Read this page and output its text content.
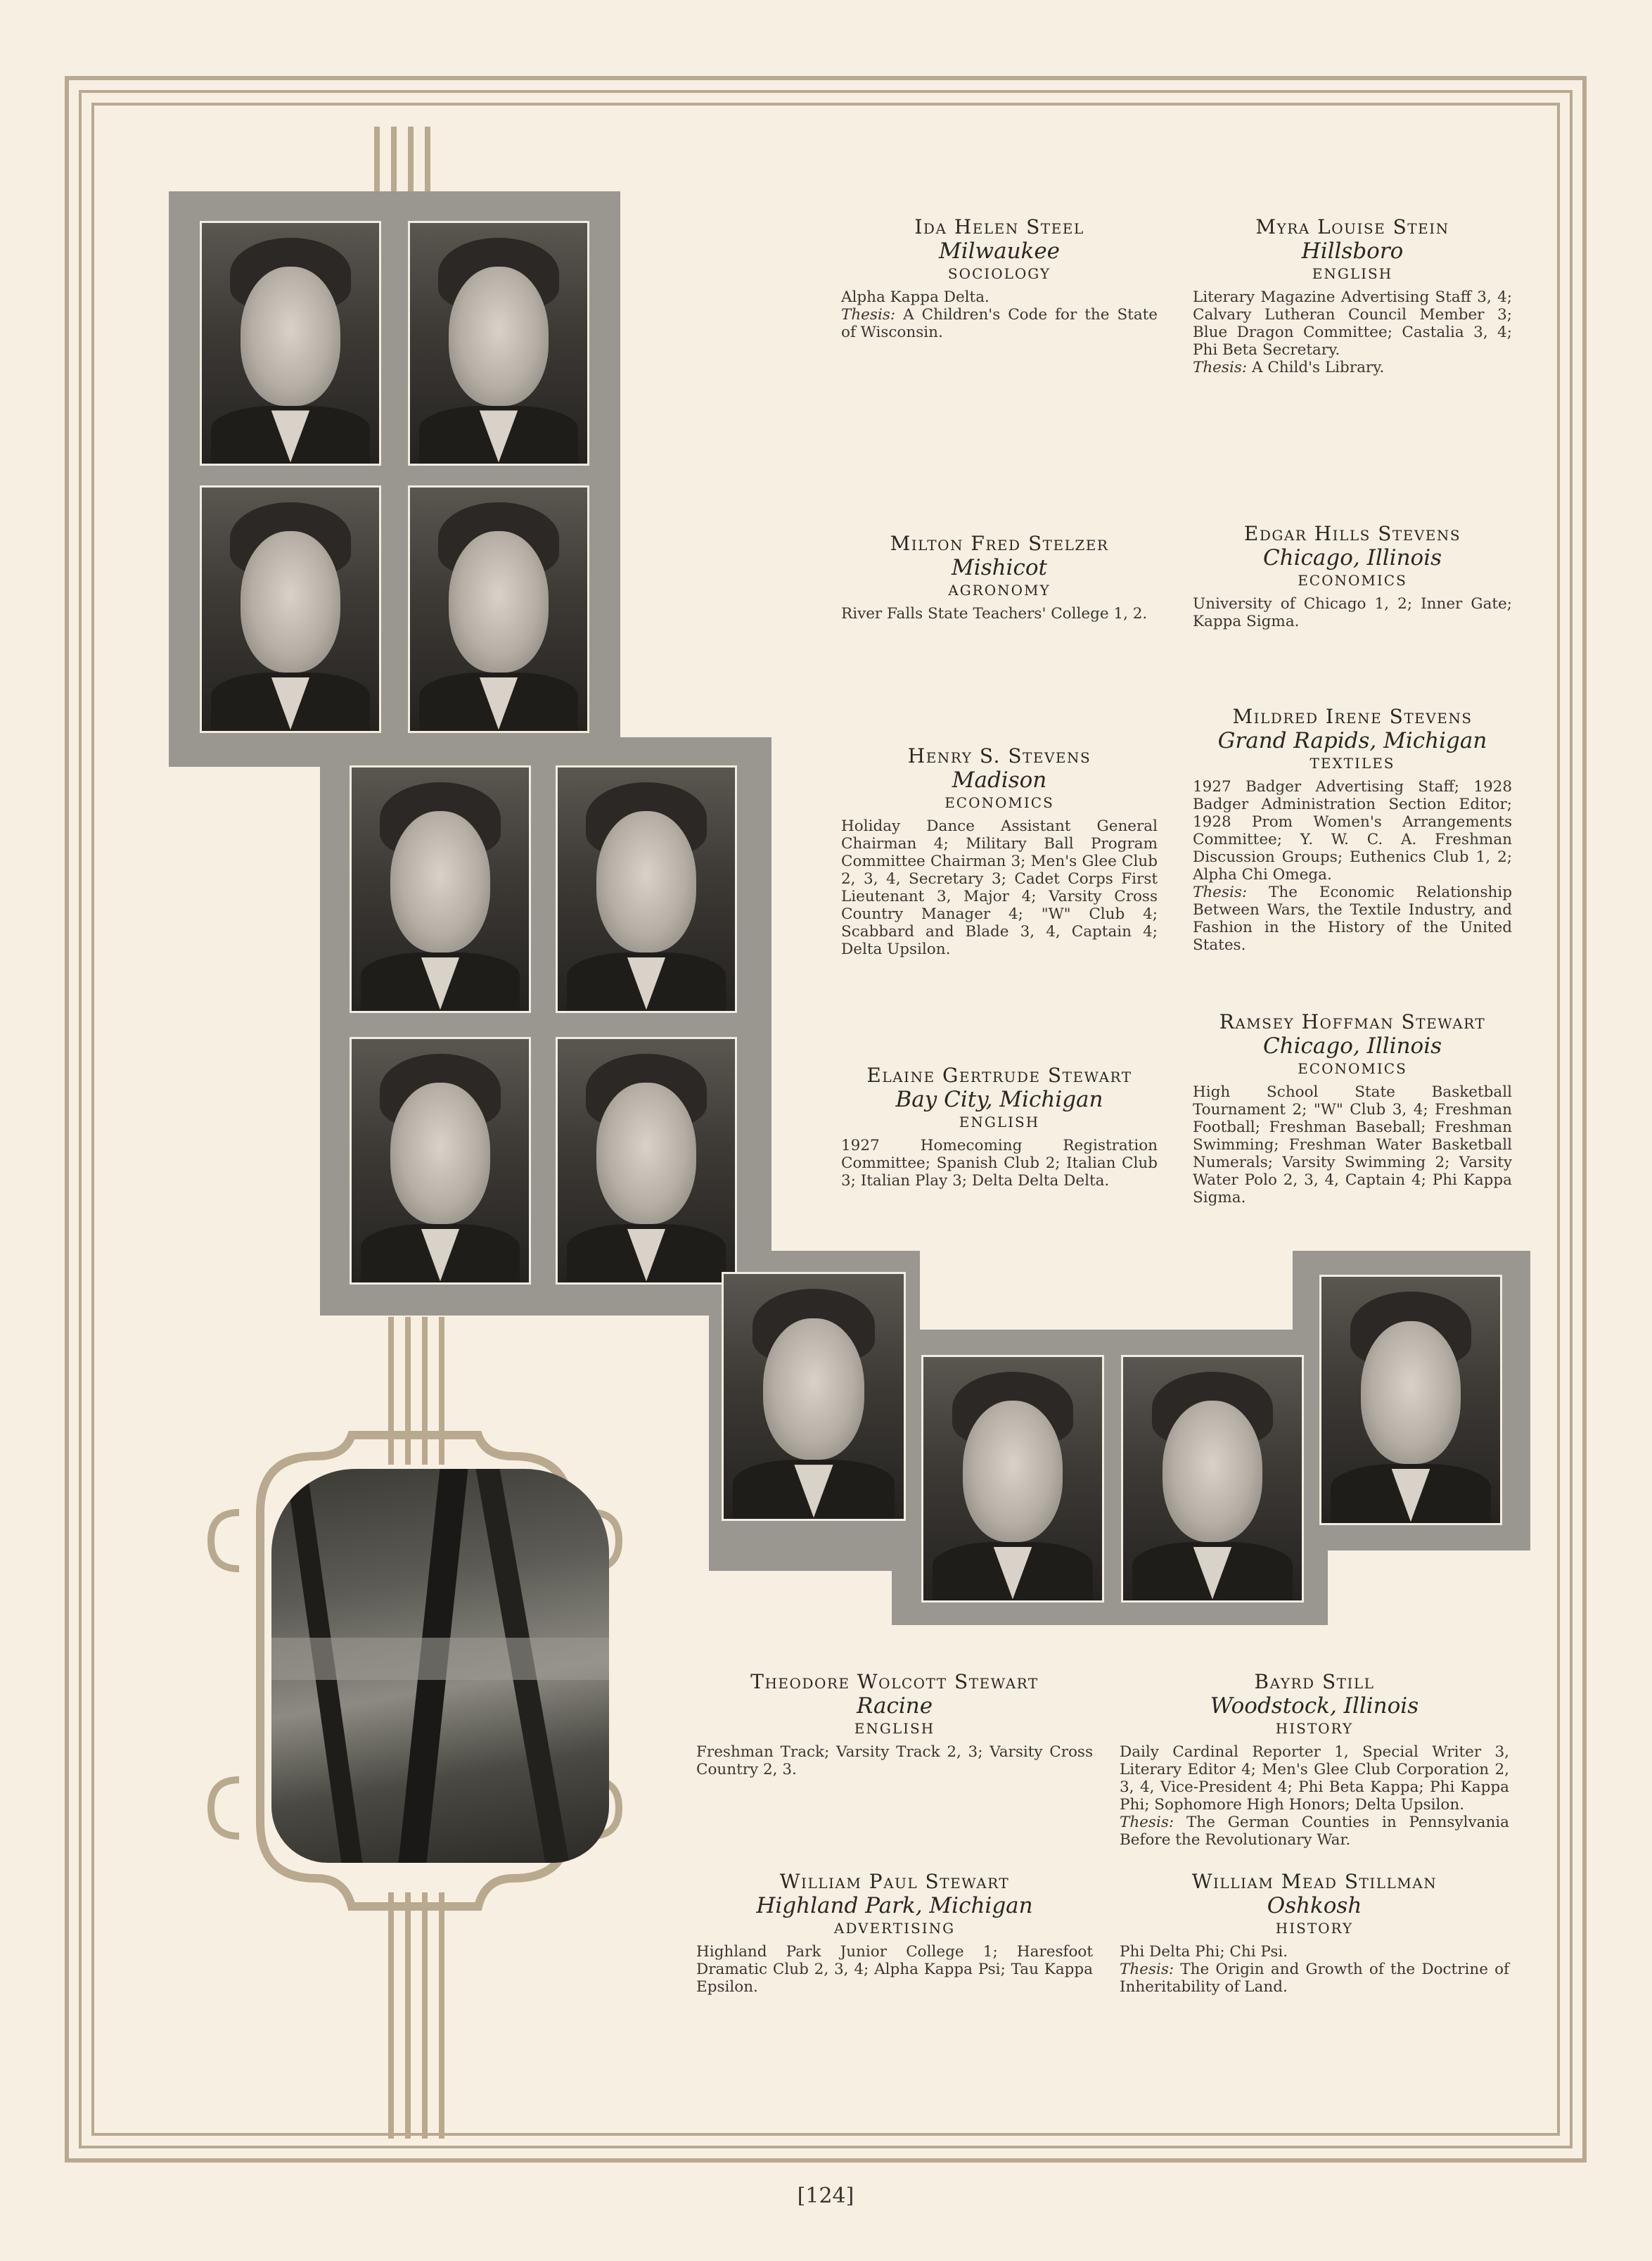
Ida Helen Steel
Milwaukee
SOCIOLOGY
Alpha Kappa Delta.
Thesis: A Children's Code for the State of Wisconsin.
Myra Louise Stein
Hillsboro
ENGLISH
Literary Magazine Advertising Staff 3, 4; Calvary Lutheran Council Member 3; Blue Dragon Committee; Castalia 3, 4; Phi Beta Secretary.
Thesis: A Child's Library.
Milton Fred Stelzer
Mishicot
AGRONOMY
River Falls State Teachers' College 1, 2.
Edgar Hills Stevens
Chicago, Illinois
ECONOMICS
University of Chicago 1, 2; Inner Gate; Kappa Sigma.
Henry S. Stevens
Madison
ECONOMICS
Holiday Dance Assistant General Chairman 4; Military Ball Program Committee Chairman 3; Men's Glee Club 2, 3, 4, Secretary 3; Cadet Corps First Lieutenant 3, Major 4; Varsity Cross Country Manager 4; "W" Club 4; Scabbard and Blade 3, 4, Captain 4; Delta Upsilon.
Mildred Irene Stevens
Grand Rapids, Michigan
TEXTILES
1927 Badger Advertising Staff; 1928 Badger Administration Section Editor; 1928 Prom Women's Arrangements Committee; Y. W. C. A. Freshman Discussion Groups; Euthenics Club 1, 2; Alpha Chi Omega.
Thesis: The Economic Relationship Between Wars, the Textile Industry, and Fashion in the History of the United States.
Elaine Gertrude Stewart
Bay City, Michigan
ENGLISH
1927 Homecoming Registration Committee; Spanish Club 2; Italian Club 3; Italian Play 3; Delta Delta Delta.
Ramsey Hoffman Stewart
Chicago, Illinois
ECONOMICS
High School State Basketball Tournament 2; "W" Club 3, 4; Freshman Football; Freshman Baseball; Freshman Swimming; Freshman Water Basketball Numerals; Varsity Swimming 2; Varsity Water Polo 2, 3, 4, Captain 4; Phi Kappa Sigma.
Theodore Wolcott Stewart
Racine
ENGLISH
Freshman Track; Varsity Track 2, 3; Varsity Cross Country 2, 3.
Bayrd Still
Woodstock, Illinois
HISTORY
Daily Cardinal Reporter 1, Special Writer 3, Literary Editor 4; Men's Glee Club Corporation 2, 3, 4, Vice-President 4; Phi Beta Kappa; Phi Kappa Phi; Sophomore High Honors; Delta Upsilon.
Thesis: The German Counties in Pennsylvania Before the Revolutionary War.
William Paul Stewart
Highland Park, Michigan
ADVERTISING
Highland Park Junior College 1; Haresfoot Dramatic Club 2, 3, 4; Alpha Kappa Psi; Tau Kappa Epsilon.
William Mead Stillman
Oshkosh
HISTORY
Phi Delta Phi; Chi Psi.
Thesis: The Origin and Growth of the Doctrine of Inheritability of Land.
[124]
